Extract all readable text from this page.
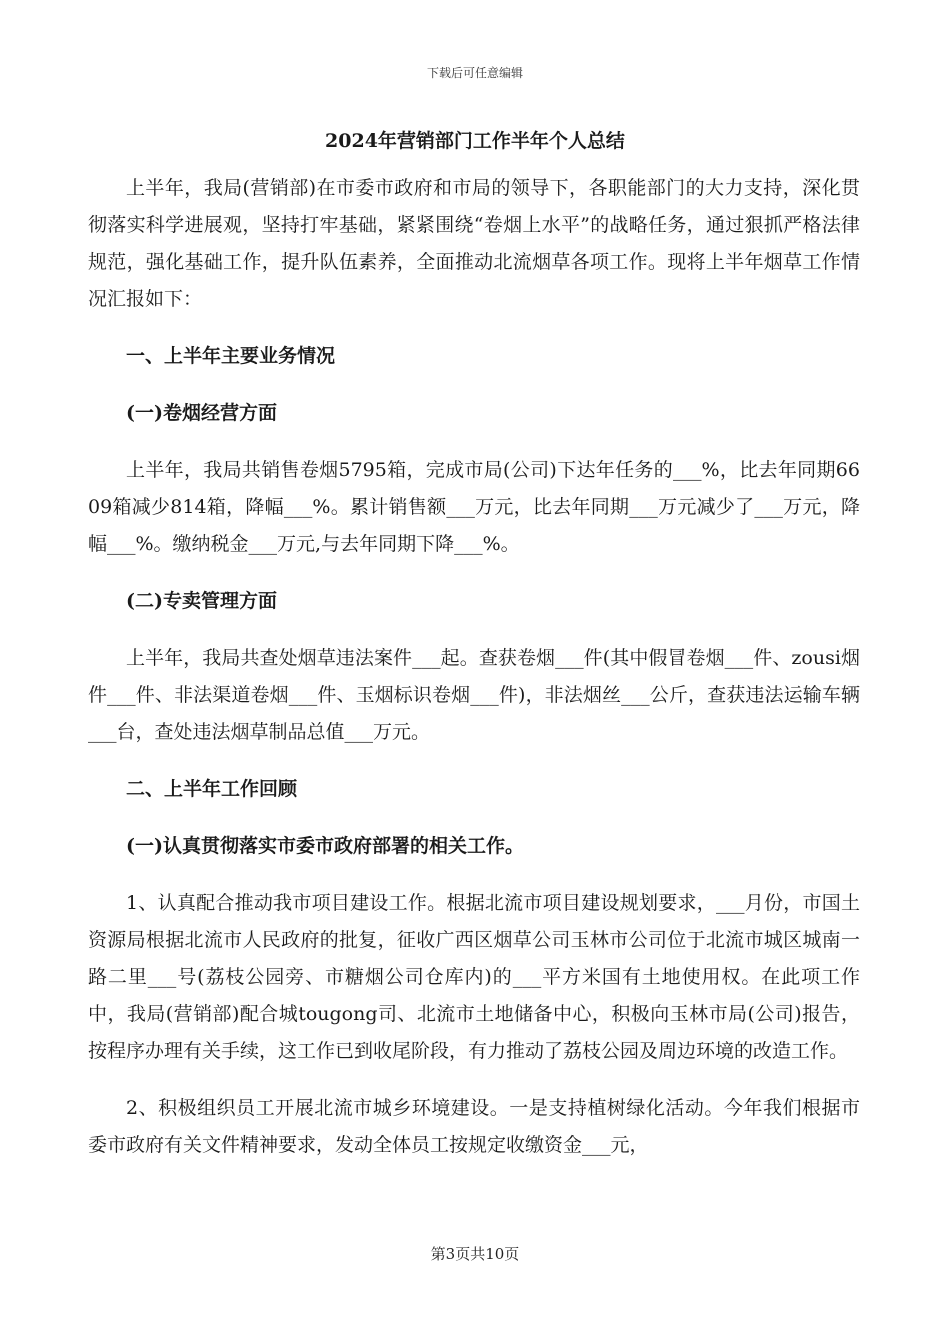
下载后可任意编辑
2024年营销部门工作半年个人总结

上半年，我局(营销部)在市委市政府和市局的领导下，各职能部门的大力支持，深化贯彻落实科学进展观，坚持打牢基础，紧紧围绕“卷烟上水平”的战略任务，通过狠抓严格法律规范，强化基础工作，提升队伍素养，全面推动北流烟草各项工作。现将上半年烟草工作情况汇报如下：

一、上半年主要业务情况

(一)卷烟经营方面

上半年，我局共销售卷烟5795箱，完成市局(公司)下达年任务的___%，比去年同期6609箱减少814箱，降幅___%。累计销售额___万元，比去年同期___万元减少了___万元，降幅___%。缴纳税金___万元,与去年同期下降___%。

(二)专卖管理方面

上半年，我局共查处烟草违法案件___起。查获卷烟___件(其中假冒卷烟___件、zousi烟件___件、非法渠道卷烟___件、玉烟标识卷烟___件)，非法烟丝___公斤，查获违法运输车辆___台，查处违法烟草制品总值___万元。

二、上半年工作回顾

(一)认真贯彻落实市委市政府部署的相关工作。

1、认真配合推动我市项目建设工作。根据北流市项目建设规划要求，___月份，市国土资源局根据北流市人民政府的批复，征收广西区烟草公司玉林市公司位于北流市城区城南一路二里___号(荔枝公园旁、市糖烟公司仓库内)的___平方米国有土地使用权。在此项工作中，我局(营销部)配合城tougong司、北流市土地储备中心，积极向玉林市局(公司)报告，按程序办理有关手续，这工作已到收尾阶段，有力推动了荔枝公园及周边环境的改造工作。

2、积极组织员工开展北流市城乡环境建设。一是支持植树绿化活动。今年我们根据市委市政府有关文件精神要求，发动全体员工按规定收缴资金___元，

第3页共10页
